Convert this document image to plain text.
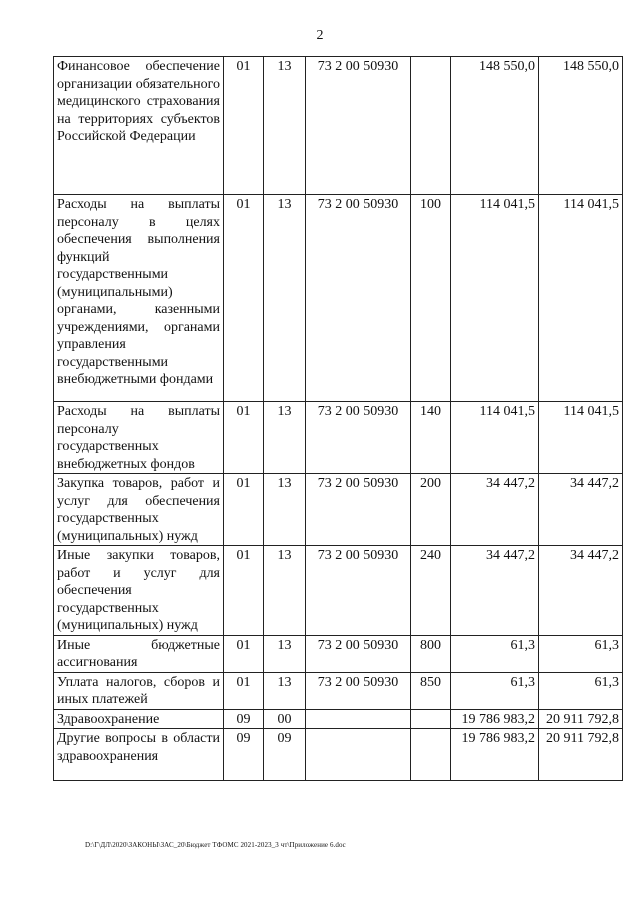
2
Финансовое обеспечение организации обязательного медицинского страхования на территориях субъектов Российской Федерации	01	13	73 2 00 50930		148 550,0	148 550,0
Расходы на выплаты персоналу в целях обеспечения выполнения функций государственными (муниципальными) органами, казенными учреждениями, органами управления государственными внебюджетными фондами	01	13	73 2 00 50930	100	114 041,5	114 041,5
Расходы на выплаты персоналу государственных внебюджетных фондов	01	13	73 2 00 50930	140	114 041,5	114 041,5
Закупка товаров, работ и услуг для обеспечения государственных (муниципальных) нужд	01	13	73 2 00 50930	200	34 447,2	34 447,2
Иные закупки товаров, работ и услуг для обеспечения государственных (муниципальных) нужд	01	13	73 2 00 50930	240	34 447,2	34 447,2
Иные бюджетные ассигнования	01	13	73 2 00 50930	800	61,3	61,3
Уплата налогов, сборов и иных платежей	01	13	73 2 00 50930	850	61,3	61,3
Здравоохранение	09	00			19 786 983,2	20 911 792,8
Другие вопросы в области здравоохранения	09	09			19 786 983,2	20 911 792,8
D:\Г\ДЛ\2020\ЗАКОНЫ\ЗАС_20\Бюджет ТФОМС 2021-2023_3 чт\Приложение 6.doc
